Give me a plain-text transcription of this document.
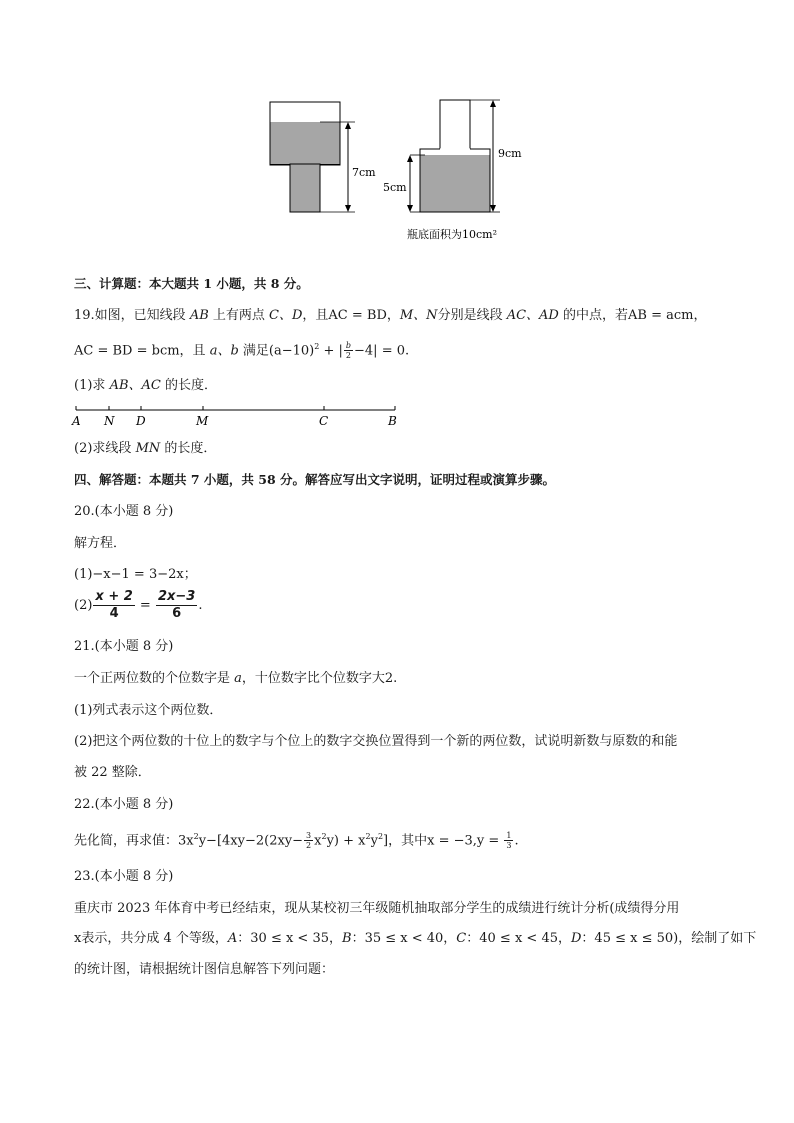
7cm
5cm
9cm
瓶底面积为10cm²
三、计算题：本大题共 1 小题，共 8 分。
19.如图，已知线段 AB 上有两点 C、D，且AC = BD，M、N分别是线段 AC、AD 的中点，若AB = acm，
AC = BD = bcm，且 a、b 满足$(a-10)^2$ + | $\frac{b}{2} -4| = 0$.
(1)求 AB、AC 的长度．
A N D	M	C	B
(2)求线段 MN 的长度．
四、解答题：本题共 7 小题，共 58 分。解答应写出文字说明，证明过程或演算步骤。
20.(本小题 8 分)
解方程．
(1)−x−1 = 3−2x；
$(2) \frac{x + 2}{4} = \frac{2x-3}{6}$ .
21.(本小题 8 分)
一个正两位数的个位数字是 a，十位数字比个位数字大2.
(1)列式表示这个两位数．
(2)把这个两位数的十位上的数字与个位上的数字交换位置得到一个新的两位数，试说明新数与原数的和能
被 22 整除．
22.(本小题 8 分)
先化简，再求值：$3x^2y-[4xy-2(2xy- \frac{3}{2} x^2y) + x^2y^2]$，其中$x = -3,y = \frac{1}{3}$ .
23.(本小题 8 分)
重庆市 2023 年体育中考已经结束，现从某校初三年级随机抽取部分学生的成绩进行统计分析(成绩得分用
x表示，共分成 4 个等级，A：30 ≤ x < 35，B：35 ≤ x < 40，C：40 ≤ x < 45，D：45 ≤ x ≤ 50)，绘制了如下
的统计图，请根据统计图信息解答下列问题：
